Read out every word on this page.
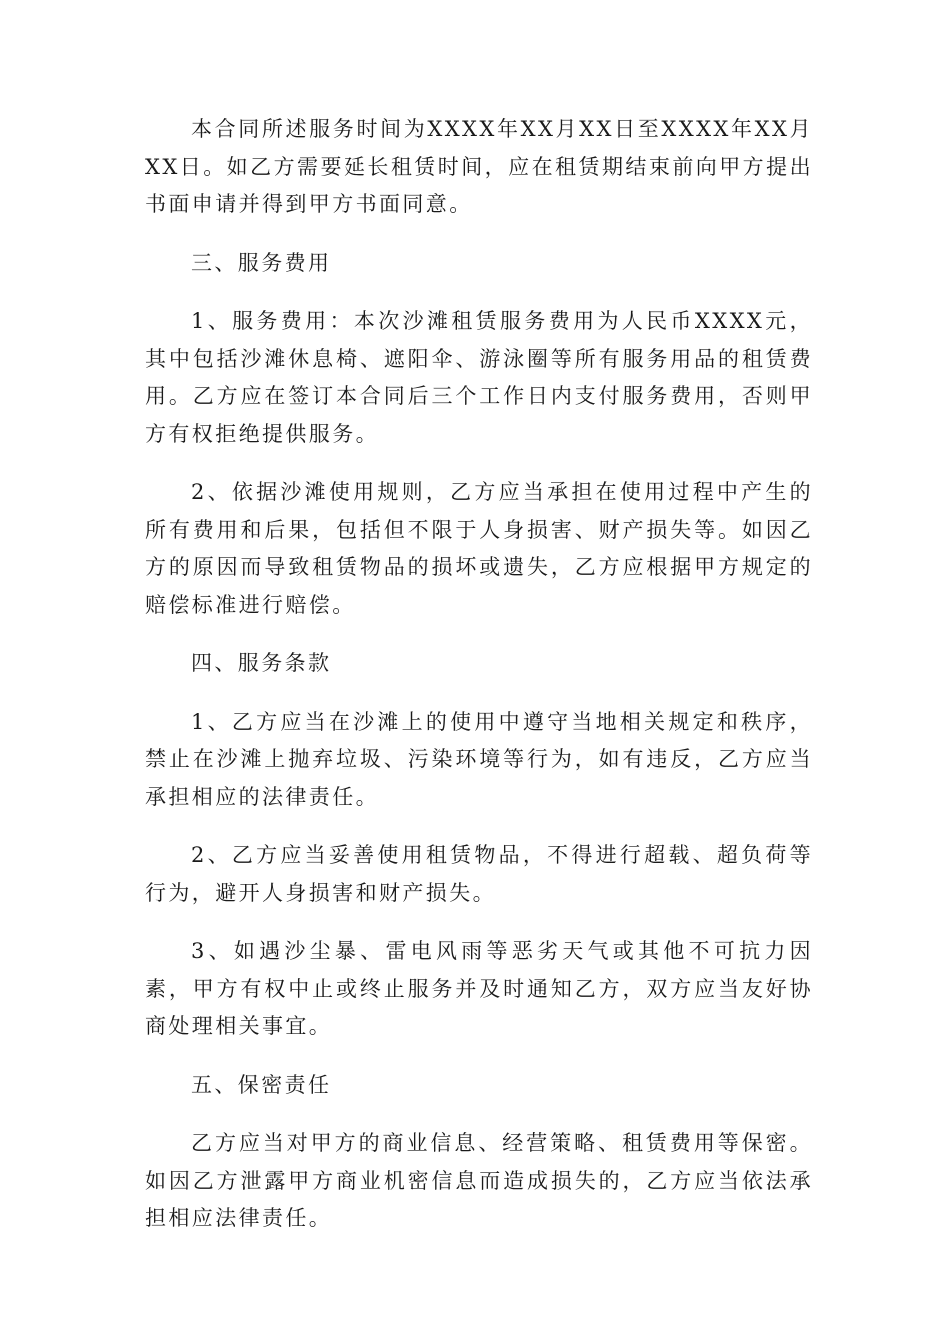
本合同所述服务时间为XXXX年XX月XX日至XXXX年XX月XX日。如乙方需要延长租赁时间，应在租赁期结束前向甲方提出书面申请并得到甲方书面同意。

三、服务费用

1、服务费用：本次沙滩租赁服务费用为人民币XXXX元，其中包括沙滩休息椅、遮阳伞、游泳圈等所有服务用品的租赁费用。乙方应在签订本合同后三个工作日内支付服务费用，否则甲方有权拒绝提供服务。

2、依据沙滩使用规则，乙方应当承担在使用过程中产生的所有费用和后果，包括但不限于人身损害、财产损失等。如因乙方的原因而导致租赁物品的损坏或遗失，乙方应根据甲方规定的赔偿标准进行赔偿。

四、服务条款

1、乙方应当在沙滩上的使用中遵守当地相关规定和秩序，禁止在沙滩上抛弃垃圾、污染环境等行为，如有违反，乙方应当承担相应的法律责任。

2、乙方应当妥善使用租赁物品，不得进行超载、超负荷等行为，避开人身损害和财产损失。

3、如遇沙尘暴、雷电风雨等恶劣天气或其他不可抗力因素，甲方有权中止或终止服务并及时通知乙方，双方应当友好协商处理相关事宜。

五、保密责任

乙方应当对甲方的商业信息、经营策略、租赁费用等保密。如因乙方泄露甲方商业机密信息而造成损失的，乙方应当依法承担相应法律责任。
